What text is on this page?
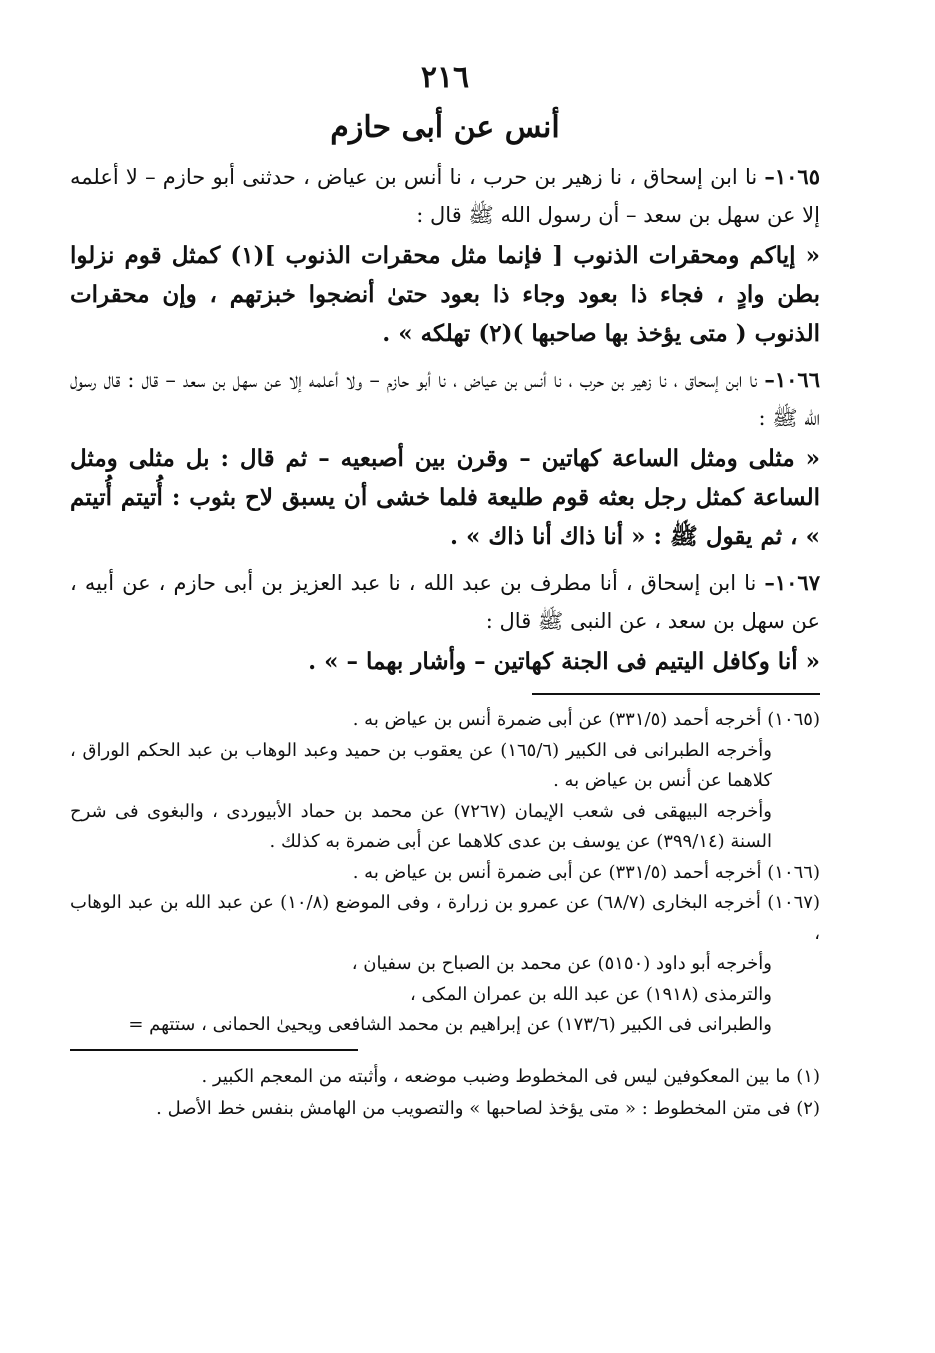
٢١٦
أنس عن أبى حازم
١٠٦٥– نا ابن إسحاق ، نا زهير بن حرب ، نا أنس بن عياض ، حدثنى أبو حازم – لا أعلمه إلا عن سهل بن سعد – أن رسول الله ﷺ قال :
« إياكم ومحقرات الذنوب [ فإنما مثل محقرات الذنوب ](١) كمثل قوم نزلوا بطن وادٍ ، فجاء ذا بعود وجاء ذا بعود حتىٰ أنضجوا خبزتهم ، وإن محقرات الذنوب ( متى يؤخذ بها صاحبها )(٢) تهلكه » .
١٠٦٦– نا ابن إسحاق ، نا زهير بن حرب ، نا أنس بن عياض ، نا أبو حازم – ولا أعلمه إلا عن سهل بن سعد – قال : قال رسول الله ﷺ :
« مثلى ومثل الساعة كهاتين – وقرن بين أصبعيه – ثم قال : بل مثلى ومثل الساعة كمثل رجل بعثه قوم طليعة فلما خشى أن يسبق لاح بثوب : أُتيتم أُتيتم » ، ثم يقول ﷺ : « أنا ذاك أنا ذاك » .
١٠٦٧– نا ابن إسحاق ، أنا مطرف بن عبد الله ، نا عبد العزيز بن أبى حازم ، عن أبيه ، عن سهل بن سعد ، عن النبى ﷺ قال :
« أنا وكافل اليتيم فى الجنة كهاتين – وأشار بهما – » .
(١٠٦٥) أخرجه أحمد (٣٣١/٥) عن أبى ضمرة أنس بن عياض به .
وأخرجه الطبرانى فى الكبير (١٦٥/٦) عن يعقوب بن حميد وعبد الوهاب بن عبد الحكم الوراق ، كلاهما عن أنس بن عياض به .
وأخرجه البيهقى فى شعب الإيمان (٧٢٦٧) عن محمد بن حماد الأبيوردى ، والبغوى فى شرح السنة (٣٩٩/١٤) عن يوسف بن عدى كلاهما عن أبى ضمرة به كذلك .
(١٠٦٦) أخرجه أحمد (٣٣١/٥) عن أبى ضمرة أنس بن عياض به .
(١٠٦٧) أخرجه البخارى (٦٨/٧) عن عمرو بن زرارة ، وفى الموضع (١٠/٨) عن عبد الله بن عبد الوهاب ،
وأخرجه أبو داود (٥١٥٠) عن محمد بن الصباح بن سفيان ،
والترمذى (١٩١٨) عن عبد الله بن عمران المكى ،
والطبرانى فى الكبير (١٧٣/٦) عن إبراهيم بن محمد الشافعى ويحيىٰ الحمانى ، ستتهم =
(١) ما بين المعكوفين ليس فى المخطوط وضبب موضعه ، وأثبته من المعجم الكبير .
(٢) فى متن المخطوط : « متى يؤخذ لصاحبها » والتصويب من الهامش بنفس خط الأصل .
